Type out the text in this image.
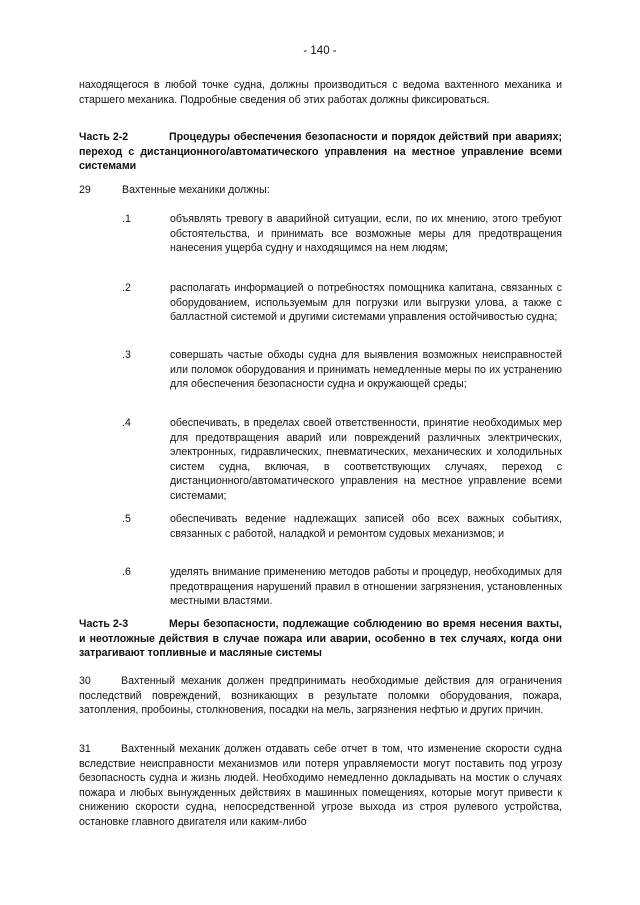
- 140 -
находящегося в любой точке судна, должны производиться с ведома вахтенного механика и старшего механика. Подробные сведения об этих работах должны фиксироваться.
Часть 2-2	Процедуры обеспечения безопасности и порядок действий при авариях; переход с дистанционного/автоматического управления на местное управление всеми системами
29	Вахтенные механики должны:
.1	объявлять тревогу в аварийной ситуации, если, по их мнению, этого требуют обстоятельства, и принимать все возможные меры для предотвращения нанесения ущерба судну и находящимся на нем людям;
.2	располагать информацией о потребностях помощника капитана, связанных с оборудованием, используемым для погрузки или выгрузки улова, а также с балластной системой и другими системами управления остойчивостью судна;
.3	совершать частые обходы судна для выявления возможных неисправностей или поломок оборудования и принимать немедленные меры по их устранению для обеспечения безопасности судна и окружающей среды;
.4	обеспечивать, в пределах своей ответственности, принятие необходимых мер для предотвращения аварий или повреждений различных электрических, электронных, гидравлических, пневматических, механических и холодильных систем судна, включая, в соответствующих случаях, переход с дистанционного/автоматического управления на местное управление всеми системами;
.5	обеспечивать ведение надлежащих записей обо всех важных событиях, связанных с работой, наладкой и ремонтом судовых механизмов; и
.6	уделять внимание применению методов работы и процедур, необходимых для предотвращения нарушений правил в отношении загрязнения, установленных местными властями.
Часть 2-3	Меры безопасности, подлежащие соблюдению во время несения вахты, и неотложные действия в случае пожара или аварии, особенно в тех случаях, когда они затрагивают топливные и масляные системы
30	Вахтенный механик должен предпринимать необходимые действия для ограничения последствий повреждений, возникающих в результате поломки оборудования, пожара, затопления, пробоины, столкновения, посадки на мель, загрязнения нефтью и других причин.
31	Вахтенный механик должен отдавать себе отчет в том, что изменение скорости судна вследствие неисправности механизмов или потеря управляемости могут поставить под угрозу безопасность судна и жизнь людей. Необходимо немедленно докладывать на мостик о случаях пожара и любых вынужденных действиях в машинных помещениях, которые могут привести к снижению скорости судна, непосредственной угрозе выхода из строя рулевого устройства, остановке главного двигателя или каким-либо
